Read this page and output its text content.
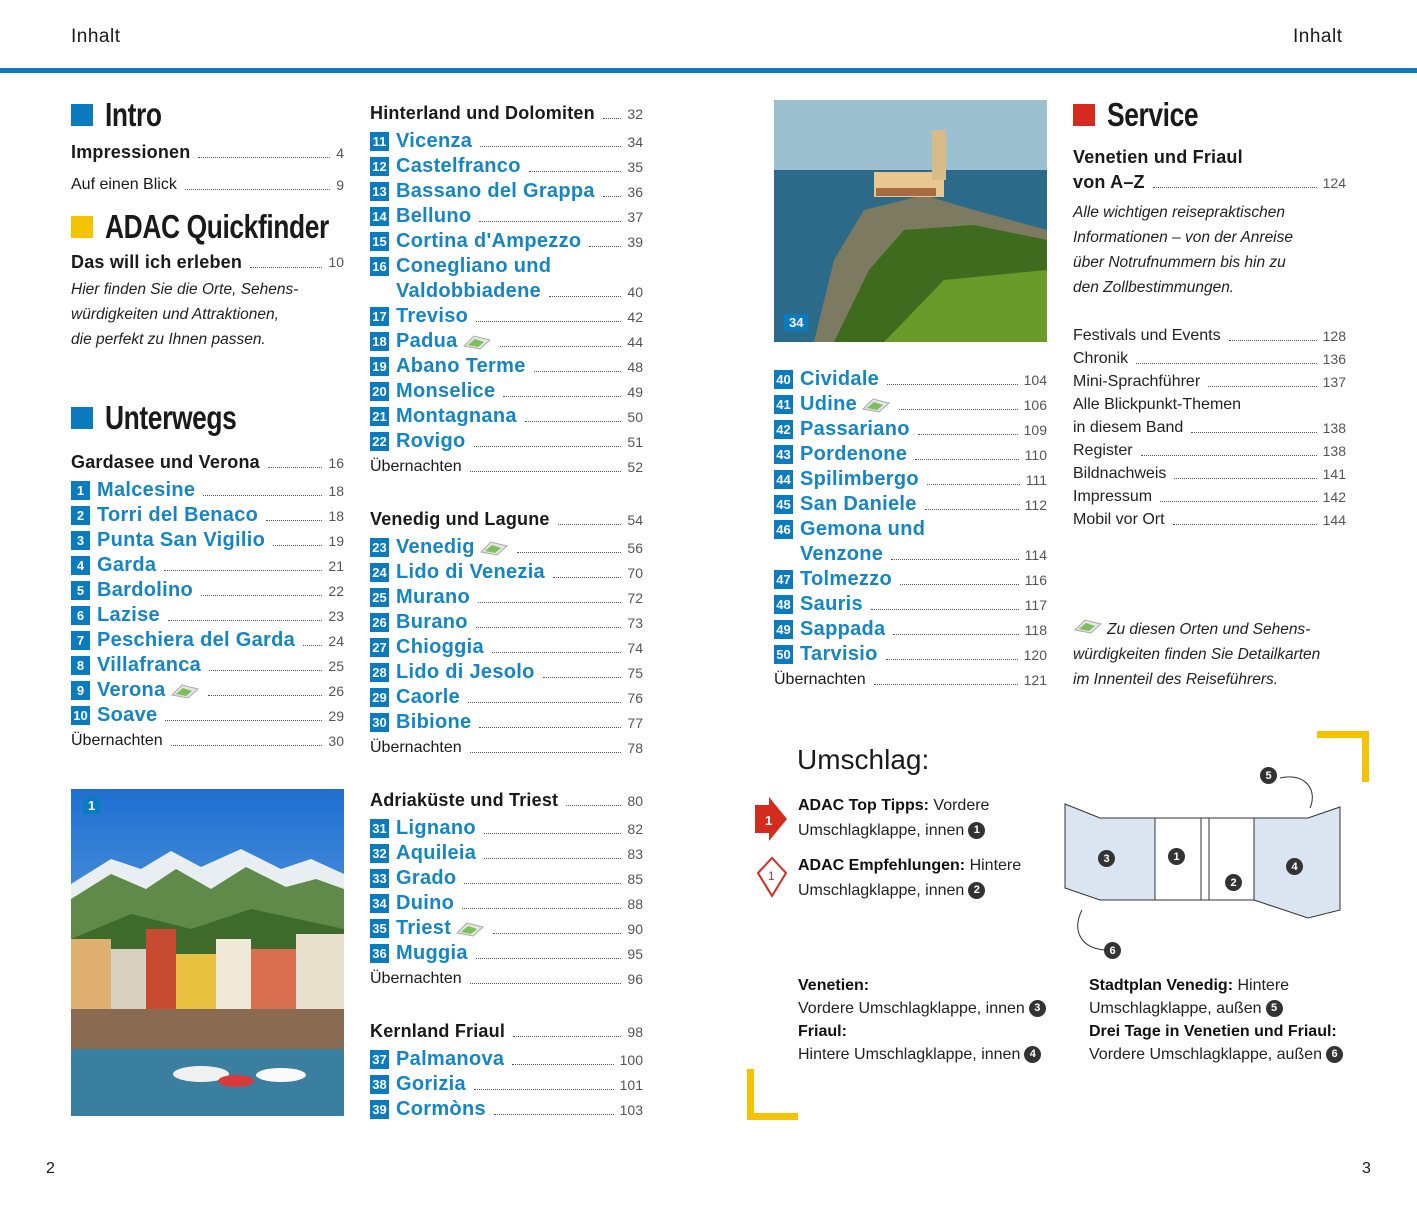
Inhalt	Inhalt
2	3
1
34
Umschlag:
1
ADAC Top Tipps: Vordere
Umschlagklappe, innen 1
1
ADAC Empfehlungen: Hintere
Umschlagklappe, innen 2
3	1
2
4
5
6
Venetien:
Vordere Umschlagklappe, innen 3
Friaul:
Hintere Umschlagklappe, innen 4
Stadtplan Venedig: Hintere
Umschlagklappe, außen 5
Drei Tage in Venetien und Friaul:
Vordere Umschlagklappe, außen 6
Intro
Impressionen	4
Auf einen Blick	9
ADAC Quickfinder
Das will ich erleben	10
Hier finden Sie die Orte, Sehens-
würdigkeiten und Attraktionen,
die perfekt zu Ihnen passen.
Unterwegs
Gardasee und Verona	16
1 Malcesine	18
2 Torri del Benaco	18
3 Punta San Vigilio	19
4 Garda	21
5 Bardolino	22
6 Lazise	23
7 Peschiera del Garda 24
8 Villafranca	25
9 Verona	26
10 Soave	29
Übernachten	30
Hinterland und Dolomiten 32
11 Vicenza	34
12 Castelfranco	35
13 Bassano del Grappa 36
14 Belluno	37
15 Cortina d'Ampezzo	39
16 Conegliano und
Valdobbiadene	40
17 Treviso	42
18 Padua	44
19 Abano Terme	48
20 Monselice	49
21 Montagnana	50
22 Rovigo	51
Übernachten	52
Venedig und Lagune	54
23 Venedig	56
24 Lido di Venezia	70
25 Murano	72
26 Burano	73
27 Chioggia	74
28 Lido di Jesolo	75
29 Caorle	76
30 Bibione	77
Übernachten	78
Adriaküste und Triest	80
31 Lignano	82
32 Aquileia	83
33 Grado	85
34 Duino	88
35 Triest	90
36 Muggia	95
Übernachten	96
Kernland Friaul	98
37 Palmanova	100
38 Gorizia	101
39 Cormòns	103
40 Cividale	104
41 Udine	106
42 Passariano	109
43 Pordenone	110
44 Spilimbergo	111
45 San Daniele	112
46 Gemona und
Venzone	114
47 Tolmezzo	116
48 Sauris	117
49 Sappada	118
50 Tarvisio	120
Übernachten	121
Service
Venetien und Friaul
von A–Z	124
Alle wichtigen reisepraktischen
Informationen – von der Anreise
über Notrufnummern bis hin zu
den Zollbestimmungen.
Festivals und Events	128
Chronik	136
Mini-Sprachführer	137
Alle Blickpunkt-Themen
in diesem Band	138
Register	138
Bildnachweis	141
Impressum	142
Mobil vor Ort	144
Zu diesen Orten und Sehens-
würdigkeiten finden Sie Detailkarten
im Innenteil des Reiseführers.
